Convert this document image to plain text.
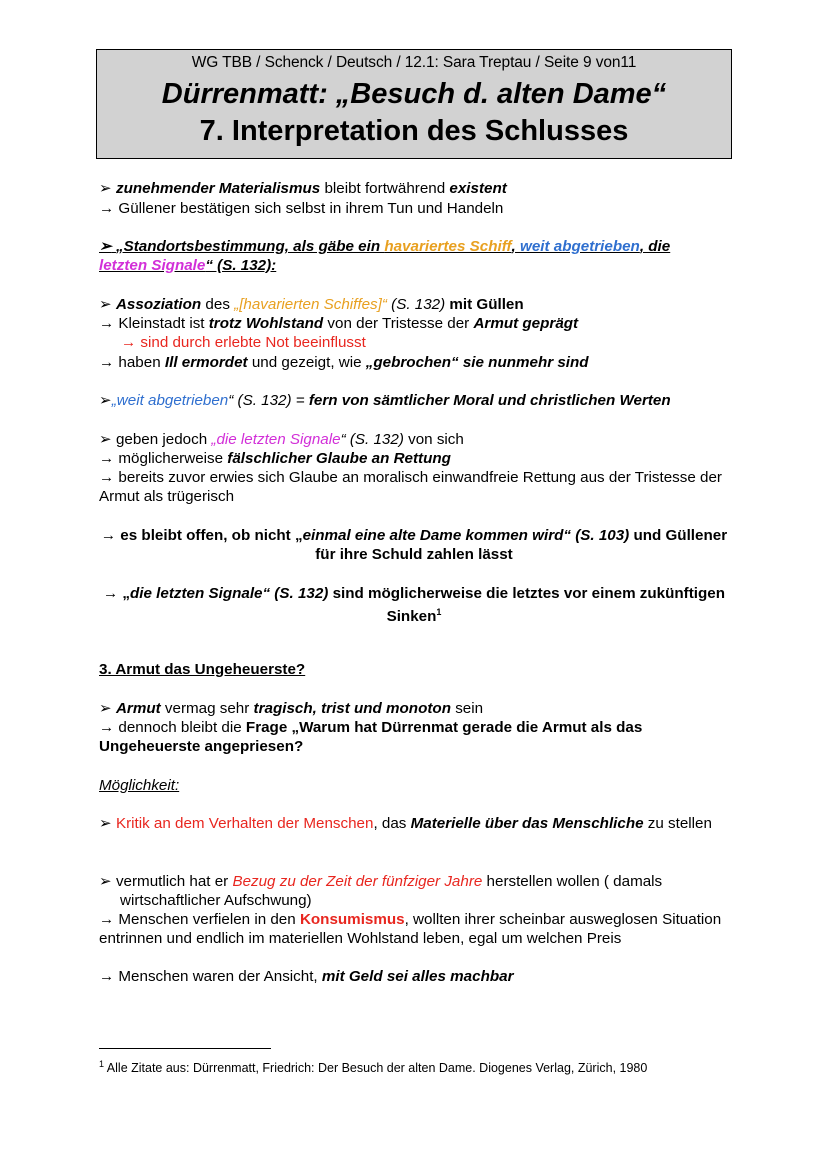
WG TBB / Schenck / Deutsch / 12.1: Sara Treptau / Seite 9 von11
Dürrenmatt: „Besuch d. alten Dame“
7. Interpretation des Schlusses
➢ zunehmender Materialismus bleibt fortwährend existent
→ Güllener bestätigen sich selbst in ihrem Tun und Handeln
➢ „Standortsbestimmung, als gäbe ein havariertes Schiff, weit abgetrieben, die
letzten Signale“ (S. 132):
➢ Assoziation des „[havarierten Schiffes]“ (S. 132) mit Güllen
→ Kleinstadt ist trotz Wohlstand von der Tristesse der Armut geprägt
→ sind durch erlebte Not beeinflusst
→ haben Ill ermordet und gezeigt, wie „gebrochen“ sie nunmehr sind
➢„weit abgetrieben“ (S. 132) = fern von sämtlicher Moral und christlichen Werten
➢ geben jedoch „die letzten Signale“ (S. 132) von sich
→ möglicherweise fälschlicher Glaube an Rettung
→ bereits zuvor erwies sich Glaube an moralisch einwandfreie Rettung aus der Tristesse der Armut als trügerisch
→ es bleibt offen, ob nicht „einmal eine alte Dame kommen wird“ (S. 103) und Güllener für ihre Schuld zahlen lässt
→ „die letzten Signale“ (S. 132) sind möglicherweise die letztes vor einem zukünftigen Sinken$^1$
3. Armut das Ungeheuerste?
➢ Armut vermag sehr tragisch, trist und monoton sein
→ dennoch bleibt die Frage „Warum hat Dürrenmat gerade die Armut als das Ungeheuerste angepriesen?
Möglichkeit:
➢ Kritik an dem Verhalten der Menschen, das Materielle über das Menschliche zu stellen
➢ vermutlich hat er Bezug zu der Zeit der fünfziger Jahre herstellen wollen ( damals
wirtschaftlicher Aufschwung)
→ Menschen verfielen in den Konsumismus, wollten ihrer scheinbar ausweglosen Situation entrinnen und endlich im materiellen Wohlstand leben, egal um welchen Preis
→ Menschen waren der Ansicht, mit Geld sei alles machbar
$^1$ Alle Zitate aus: Dürrenmatt, Friedrich: Der Besuch der alten Dame. Diogenes Verlag, Zürich, 1980
